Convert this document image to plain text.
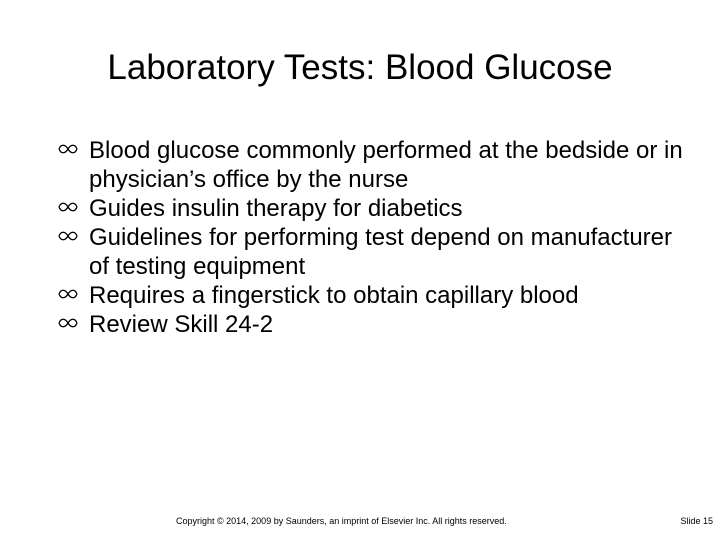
Laboratory Tests: Blood Glucose
Blood glucose commonly performed at the bedside or in physician’s office by the nurse
Guides insulin therapy for diabetics
Guidelines for performing test depend on manufacturer of testing equipment
Requires a fingerstick to obtain capillary blood
Review Skill 24-2
Copyright © 2014, 2009 by Saunders, an imprint of Elsevier Inc. All rights reserved.	Slide 15
